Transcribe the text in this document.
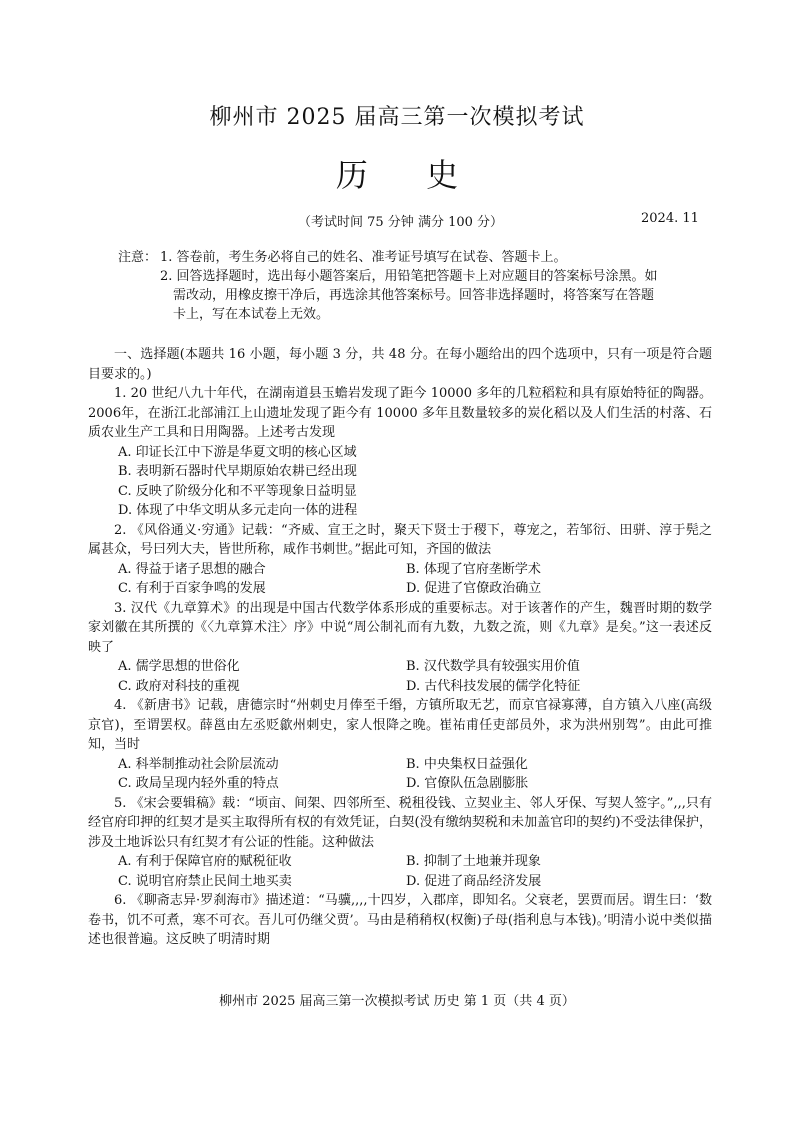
柳州市 2025 届高三第一次模拟考试
历 史
（考试时间 75 分钟 满分 100 分）	2024. 11
注意： 1. 答卷前，考生务必将自己的姓名、准考证号填写在试卷、答题卡上。
2. 回答选择题时，选出每小题答案后，用铅笔把答题卡上对应题目的答案标号涂黑。如
需改动，用橡皮擦干净后，再选涂其他答案标号。回答非选择题时，将答案写在答题
卡上，写在本试卷上无效。

一、选择题(本题共 16 小题，每小题 3 分，共 48 分。在每小题给出的四个选项中，只有一项是符合题目要求的。)

1. 20 世纪八九十年代，在湖南道县玉蟾岩发现了距今 10000 多年的几粒稻粒和具有原始特征的陶器。2006年，在浙江北部浦江上山遗址发现了距今有 10000 多年且数量较多的炭化稻以及人们生活的村落、石质农业生产工具和日用陶器。上述考古发现

A. 印证长江中下游是华夏文明的核心区域
B. 表明新石器时代早期原始农耕已经出现
C. 反映了阶级分化和不平等现象日益明显
D. 体现了中华文明从多元走向一体的进程

2. 《风俗通义·穷通》记载：“齐威、宣王之时，聚天下贤士于稷下，尊宠之，若邹衍、田骈、淳于髡之属甚众，号曰列大夫，皆世所称，咸作书刺世。”据此可知，齐国的做法

A. 得益于诸子思想的融合	B. 体现了官府垄断学术
C. 有利于百家争鸣的发展	D. 促进了官僚政治确立

3. 汉代《九章算术》的出现是中国古代数学体系形成的重要标志。对于该著作的产生，魏晋时期的数学家刘徽在其所撰的《〈九章算术注〉序》中说“周公制礼而有九数，九数之流，则《九章》是矣。”这一表述反映了

A. 儒学思想的世俗化	B. 汉代数学具有较强实用价值
C. 政府对科技的重视	D. 古代科技发展的儒学化特征

4. 《新唐书》记载，唐德宗时“州刺史月俸至千缗，方镇所取无艺，而京官禄寡薄，自方镇入八座(高级京官)，至谓罢权。薛邕由左丞贬歙州刺史，家人恨降之晚。崔祐甫任吏部员外，求为洪州别驾”。由此可推知，当时

A. 科举制推动社会阶层流动	B. 中央集权日益强化
C. 政局呈现内轻外重的特点	D. 官僚队伍急剧膨胀

5. 《宋会要辑稿》载：“顷亩、间架、四邻所至、税租役钱、立契业主、邻人牙保、写契人签字。”,,,只有经官府印押的红契才是买主取得所有权的有效凭证，白契(没有缴纳契税和未加盖官印的契约)不受法律保护，涉及土地诉讼只有红契才有公证的性能。这种做法

A. 有利于保障官府的赋税征收	B. 抑制了土地兼并现象
C. 说明官府禁止民间土地买卖	D. 促进了商品经济发展

6. 《聊斋志异·罗刹海市》描述道：“马骥,,,,十四岁，入郡庠，即知名。父衰老，罢贾而居。谓生曰：‘数卷书，饥不可煮，寒不可衣。吾儿可仍继父贾’。马由是稍稍权(权衡)子母(指利息与本钱)。’明清小说中类似描述也很普遍。这反映了明清时期

柳州市 2025 届高三第一次模拟考试 历史 第 1 页（共 4 页）
